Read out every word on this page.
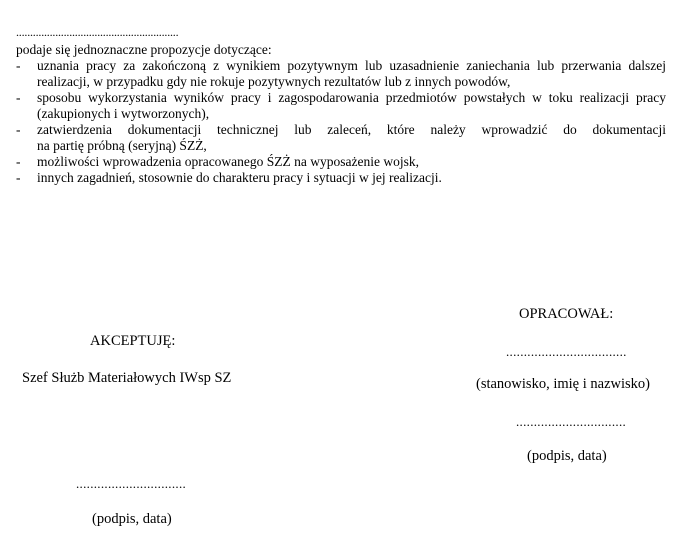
..........................................................
podaje się jednoznaczne propozycje dotyczące:
- uznania pracy za zakończoną z wynikiem pozytywnym lub uzasadnienie zaniechania lub przerwania dalszej
realizacji, w przypadku gdy nie rokuje pozytywnych rezultatów lub z innych powodów,
- sposobu wykorzystania wyników pracy i zagospodarowania przedmiotów powstałych w toku realizacji pracy
(zakupionych i wytworzonych),
- zatwierdzenia dokumentacji technicznej lub zaleceń, które należy wprowadzić do dokumentacji
na partię próbną (seryjną) ŚZŻ,
- możliwości wprowadzenia opracowanego ŚZŻ na wyposażenie wojsk,
- innych zagadnień, stosownie do charakteru pracy i sytuacji w jej realizacji.
OPRACOWAŁ:
..................................
(stanowisko, imię i nazwisko)
...............................
(podpis, data)
AKCEPTUJĘ:
Szef Służb Materiałowych IWsp SZ
...............................
(podpis, data)
